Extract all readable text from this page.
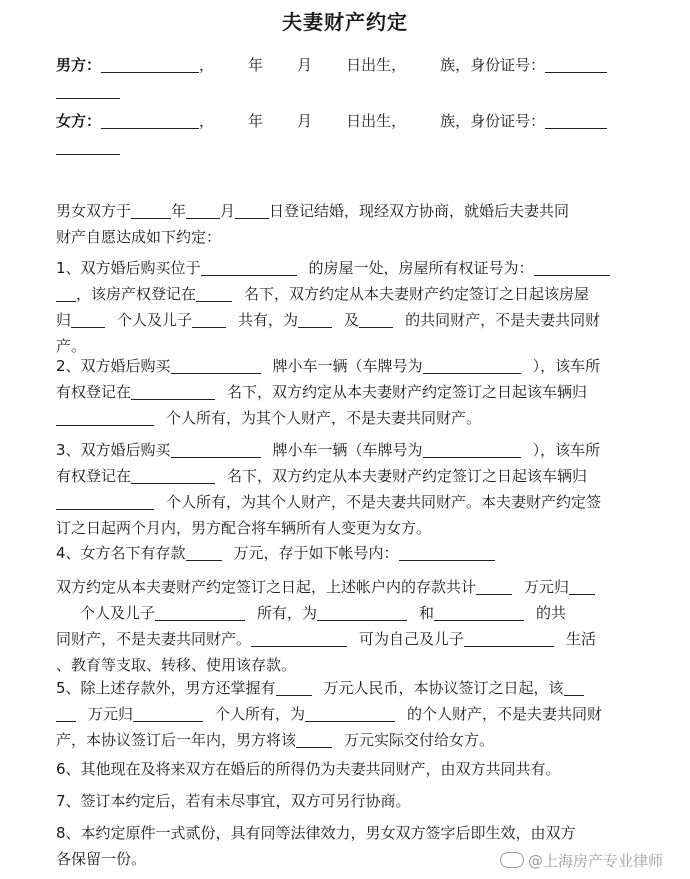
夫妻财产约定
男方：	， 年 月 日出生， 族，身份证号：
女方：	， 年 月 日出生， 族，身份证号：
男女双方于	年 月 日登记结婚，现经双方协商，就婚后夫妻共同
财产自愿达成如下约定：
1、双方婚后购买位于	的房屋一处，房屋所有权证号为：
，该房产权登记在	名下，双方约定从本夫妻财产约定签订之日起该房屋
归	个人及儿子	共有，为	及	的共同财产，不是夫妻共同财
产。
2、双方婚后购买	牌小车一辆（车牌号为	），该车所
有权登记在	名下，双方约定从本夫妻财产约定签订之日起该车辆归
个人所有，为其个人财产，不是夫妻共同财产。
3、双方婚后购买	牌小车一辆（车牌号为	），该车所
有权登记在	名下，双方约定从本夫妻财产约定签订之日起该车辆归
个人所有，为其个人财产，不是夫妻共同财产。本夫妻财产约定签
订之日起两个月内，男方配合将车辆所有人变更为女方。
4、女方名下有存款	万元，存于如下帐号内：
双方约定从本夫妻财产约定签订之日起，上述帐户内的存款共计	万元归
个人及儿子	所有，为	和	的共
同财产，不是夫妻共同财产。	可为自己及儿子	生活
、教育等支取、转移、使用该存款。
5、除上述存款外，男方还掌握有	万元人民币，本协议签订之日起，该
万元归	个人所有，为	的个人财产，不是夫妻共同财
产，本协议签订后一年内，男方将该	万元实际交付给女方。
6、其他现在及将来双方在婚后的所得仍为夫妻共同财产，由双方共同共有。
7、签订本约定后，若有未尽事宜，双方可另行协商。
8、本约定原件一式贰份，具有同等法律效力，男女双方签字后即生效，由双方
各保留一份。	@上海房产专业律师
